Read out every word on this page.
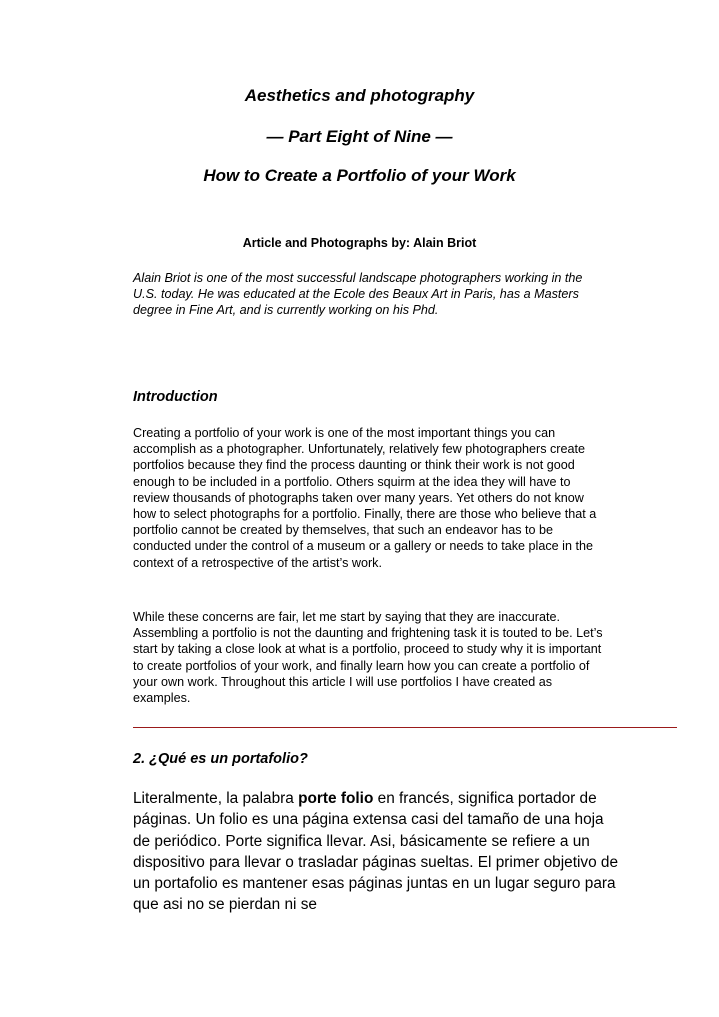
Aesthetics and photography
— Part Eight of Nine —
How to Create a Portfolio of your Work

Article and Photographs by: Alain Briot

Alain Briot is one of the most successful landscape photographers working in the U.S. today. He was educated at the Ecole des Beaux Art in Paris, has a Masters degree in Fine Art, and is currently working on his Phd.

Introduction

Creating a portfolio of your work is one of the most important things you can accomplish as a photographer. Unfortunately, relatively few photographers create portfolios because they find the process daunting or think their work is not good enough to be included in a portfolio. Others squirm at the idea they will have to review thousands of photographs taken over many years. Yet others do not know how to select photographs for a portfolio. Finally, there are those who believe that a portfolio cannot be created by themselves, that such an endeavor has to be conducted under the control of a museum or a gallery or needs to take place in the context of a retrospective of the artist’s work.

While these concerns are fair, let me start by saying that they are inaccurate. Assembling a portfolio is not the daunting and frightening task it is touted to be. Let’s start by taking a close look at what is a portfolio, proceed to study why it is important to create portfolios of your work, and finally learn how you can create a portfolio of your own work. Throughout this article I will use portfolios I have created as examples.

2. ¿Qué es un portafolio?

Literalmente, la palabra porte folio en francés, significa portador de páginas. Un folio es una página extensa casi del tamaño de una hoja de periódico. Porte significa llevar. Asi, básicamente se refiere a un dispositivo para llevar o trasladar páginas sueltas. El primer objetivo de un portafolio es mantener esas páginas juntas en un lugar seguro para que asi no se pierdan ni se
